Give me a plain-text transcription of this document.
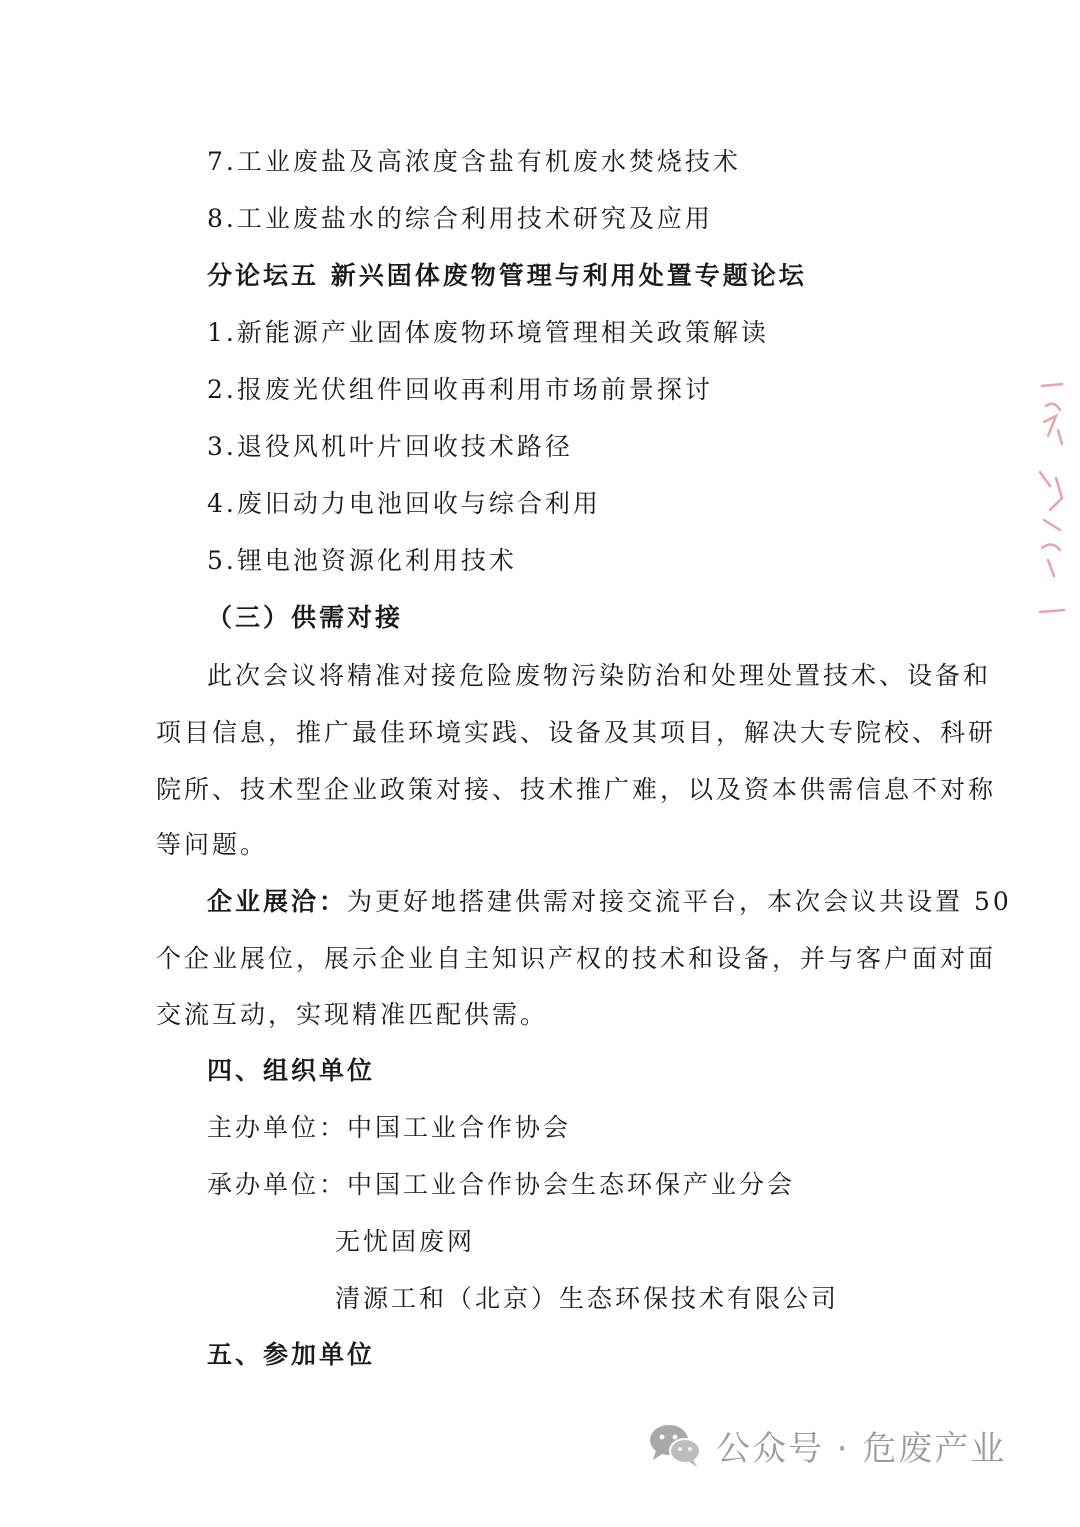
7.工业废盐及高浓度含盐有机废水焚烧技术
8.工业废盐水的综合利用技术研究及应用
分论坛五 新兴固体废物管理与利用处置专题论坛
1.新能源产业固体废物环境管理相关政策解读
2.报废光伏组件回收再利用市场前景探讨
3.退役风机叶片回收技术路径
4.废旧动力电池回收与综合利用
5.锂电池资源化利用技术
（三）供需对接
此次会议将精准对接危险废物污染防治和处理处置技术、设备和
项目信息，推广最佳环境实践、设备及其项目，解决大专院校、科研
院所、技术型企业政策对接、技术推广难，以及资本供需信息不对称
等问题。
企业展洽：为更好地搭建供需对接交流平台，本次会议共设置 50
个企业展位，展示企业自主知识产权的技术和设备，并与客户面对面
交流互动，实现精准匹配供需。
四、组织单位
主办单位：中国工业合作协会
承办单位：中国工业合作协会生态环保产业分会
无忧固废网
清源工和（北京）生态环保技术有限公司
五、参加单位
公众号 · 危废产业
